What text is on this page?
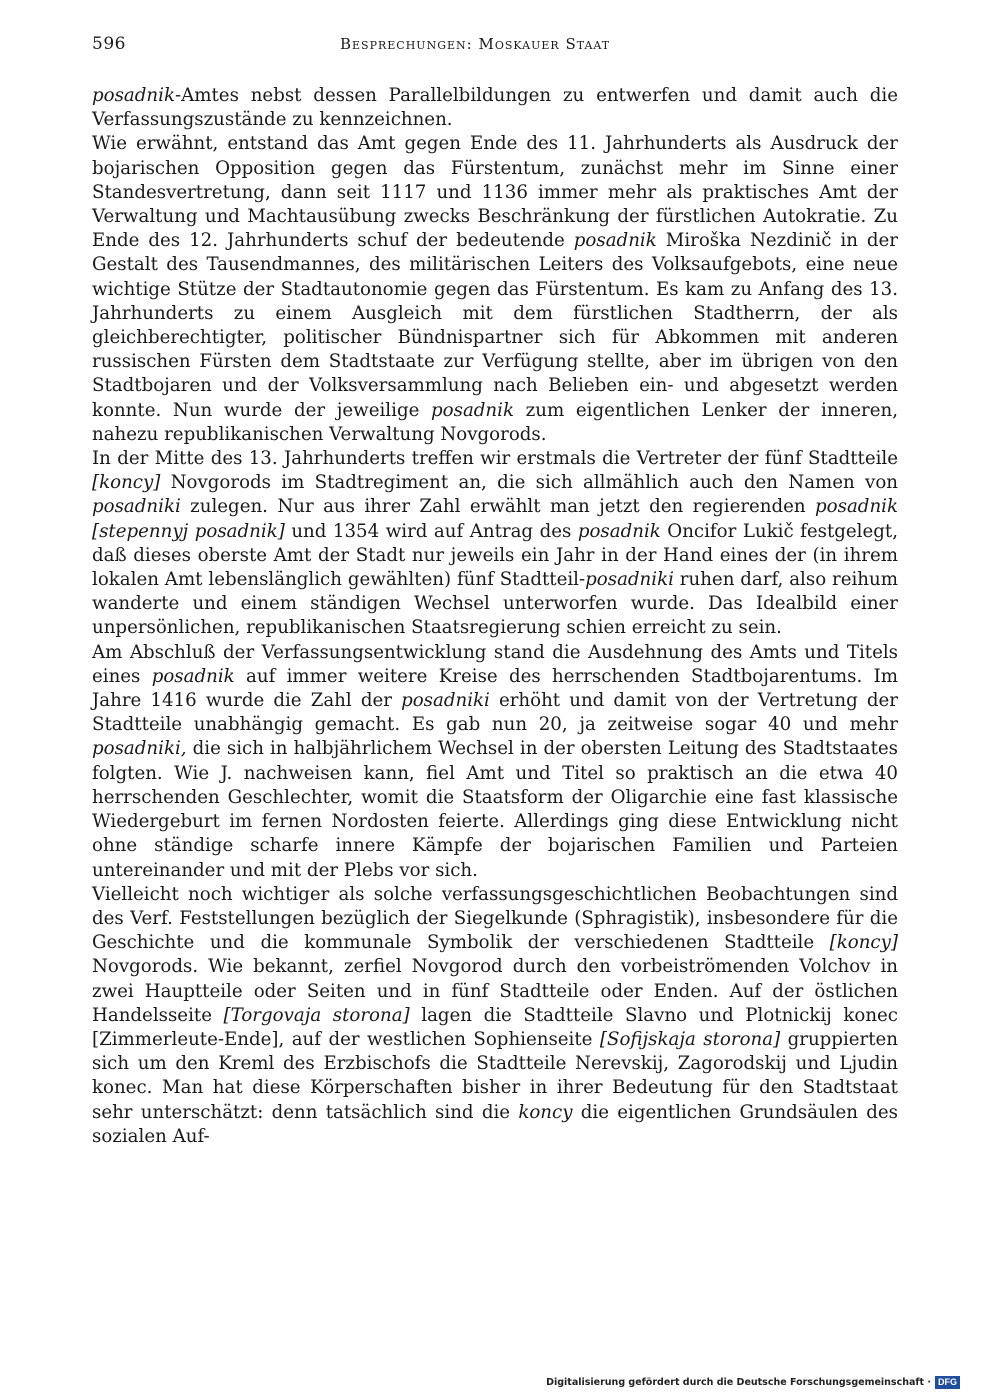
596	Besprechungen: Moskauer Staat

posadnik-Amtes nebst dessen Parallelbildungen zu entwerfen und damit auch die Verfassungszustände zu kennzeichnen.

Wie erwähnt, entstand das Amt gegen Ende des 11. Jahrhunderts als Ausdruck der bojarischen Opposition gegen das Fürstentum, zunächst mehr im Sinne einer Standesvertretung, dann seit 1117 und 1136 immer mehr als praktisches Amt der Verwaltung und Machtausübung zwecks Beschränkung der fürstlichen Autokratie. Zu Ende des 12. Jahrhunderts schuf der bedeutende posadnik Miroška Nezdinič in der Gestalt des Tausendmannes, des militärischen Leiters des Volksaufgebots, eine neue wichtige Stütze der Stadtautonomie gegen das Fürstentum. Es kam zu Anfang des 13. Jahrhunderts zu einem Ausgleich mit dem fürstlichen Stadtherrn, der als gleichberechtigter, politischer Bündnispartner sich für Abkommen mit anderen russischen Fürsten dem Stadtstaate zur Verfügung stellte, aber im übrigen von den Stadtbojaren und der Volksversammlung nach Belieben ein- und abgesetzt werden konnte. Nun wurde der jeweilige posadnik zum eigentlichen Lenker der inneren, nahezu republikanischen Verwaltung Novgorods.

In der Mitte des 13. Jahrhunderts treffen wir erstmals die Vertreter der fünf Stadtteile [koncy] Novgorods im Stadtregiment an, die sich allmählich auch den Namen von posadniki zulegen. Nur aus ihrer Zahl erwählt man jetzt den regierenden posadnik [stepennyj posadnik] und 1354 wird auf Antrag des posadnik Oncifor Lukič festgelegt, daß dieses oberste Amt der Stadt nur jeweils ein Jahr in der Hand eines der (in ihrem lokalen Amt lebenslänglich gewählten) fünf Stadtteil-posadniki ruhen darf, also reihum wanderte und einem ständigen Wechsel unterworfen wurde. Das Idealbild einer unpersönlichen, republikanischen Staatsregierung schien erreicht zu sein.

Am Abschluß der Verfassungsentwicklung stand die Ausdehnung des Amts und Titels eines posadnik auf immer weitere Kreise des herrschenden Stadtbojarentums. Im Jahre 1416 wurde die Zahl der posadniki erhöht und damit von der Vertretung der Stadtteile unabhängig gemacht. Es gab nun 20, ja zeitweise sogar 40 und mehr posadniki, die sich in halbjährlichem Wechsel in der obersten Leitung des Stadtstaates folgten. Wie J. nachweisen kann, fiel Amt und Titel so praktisch an die etwa 40 herrschenden Geschlechter, womit die Staatsform der Oligarchie eine fast klassische Wiedergeburt im fernen Nordosten feierte. Allerdings ging diese Entwicklung nicht ohne ständige scharfe innere Kämpfe der bojarischen Familien und Parteien untereinander und mit der Plebs vor sich.

Vielleicht noch wichtiger als solche verfassungsgeschichtlichen Beobachtungen sind des Verf. Feststellungen bezüglich der Siegelkunde (Sphragistik), insbesondere für die Geschichte und die kommunale Symbolik der verschiedenen Stadtteile [koncy] Novgorods. Wie bekannt, zerfiel Novgorod durch den vorbeiströmenden Volchov in zwei Hauptteile oder Seiten und in fünf Stadtteile oder Enden. Auf der östlichen Handelsseite [Torgovaja storona] lagen die Stadtteile Slavno und Plotnickij konec [Zimmerleute-Ende], auf der westlichen Sophienseite [Sofijskaja storona] gruppierten sich um den Kreml des Erzbischofs die Stadtteile Nerevskij, Zagorodskij und Ljudin konec. Man hat diese Körperschaften bisher in ihrer Bedeutung für den Stadtstaat sehr unterschätzt: denn tatsächlich sind die koncy die eigentlichen Grundsäulen des sozialen Auf-

Digitalisierung gefördert durch die Deutsche Forschungsgemeinschaft · DFG
